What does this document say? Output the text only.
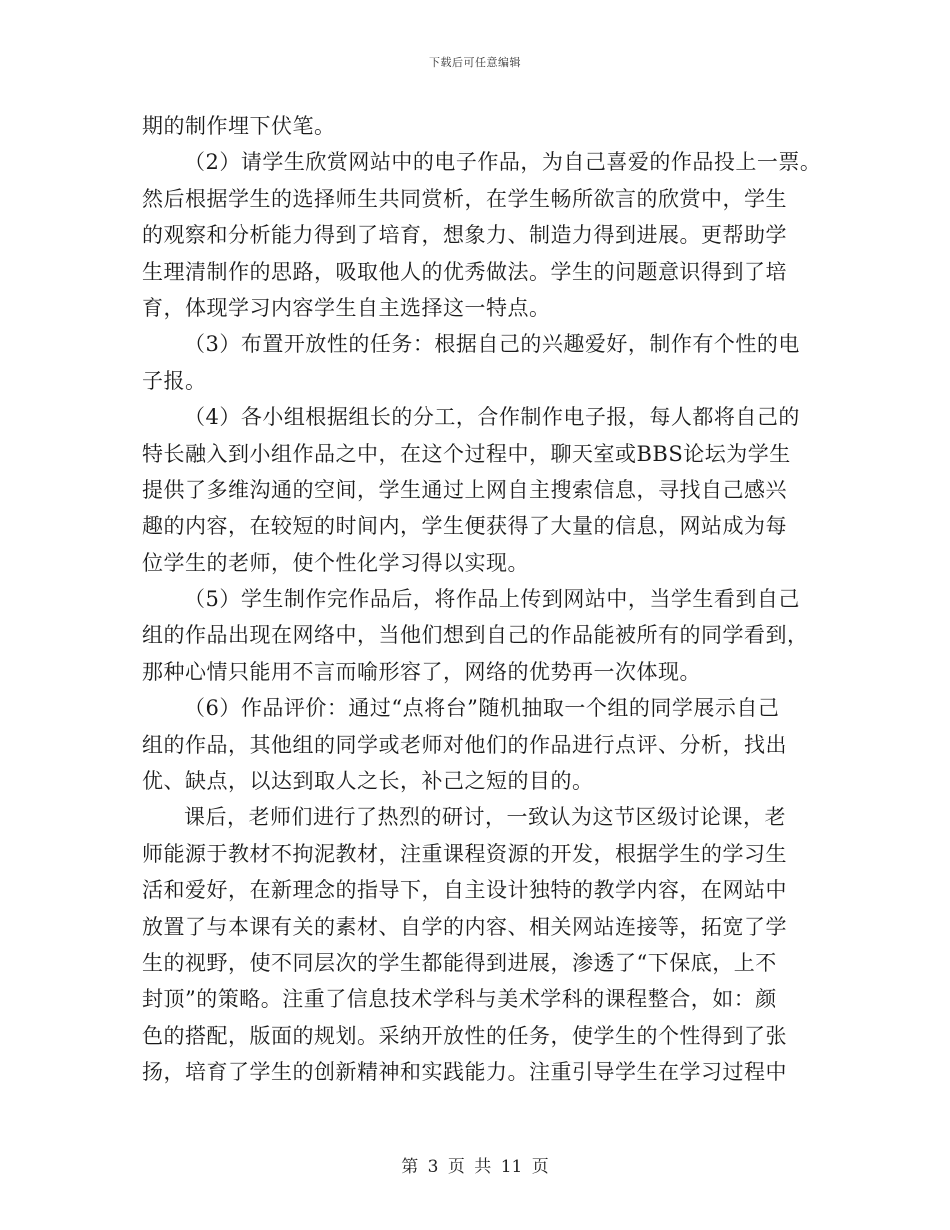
下载后可任意编辑
期的制作埋下伏笔。
（2）请学生欣赏网站中的电子作品，为自己喜爱的作品投上一票。
然后根据学生的选择师生共同赏析，在学生畅所欲言的欣赏中，学生
的观察和分析能力得到了培育，想象力、制造力得到进展。更帮助学
生理清制作的思路，吸取他人的优秀做法。学生的问题意识得到了培
育，体现学习内容学生自主选择这一特点。
（3）布置开放性的任务：根据自己的兴趣爱好，制作有个性的电
子报。
（4）各小组根据组长的分工，合作制作电子报，每人都将自己的
特长融入到小组作品之中，在这个过程中，聊天室或BBS论坛为学生
提供了多维沟通的空间，学生通过上网自主搜索信息，寻找自己感兴
趣的内容，在较短的时间内，学生便获得了大量的信息，网站成为每
位学生的老师，使个性化学习得以实现。
（5）学生制作完作品后，将作品上传到网站中，当学生看到自己
组的作品出现在网络中，当他们想到自己的作品能被所有的同学看到，
那种心情只能用不言而喻形容了，网络的优势再一次体现。
（6）作品评价：通过“点将台”随机抽取一个组的同学展示自己
组的作品，其他组的同学或老师对他们的作品进行点评、分析，找出
优、缺点，以达到取人之长，补己之短的目的。
课后，老师们进行了热烈的研讨，一致认为这节区级讨论课，老
师能源于教材不拘泥教材，注重课程资源的开发，根据学生的学习生
活和爱好，在新理念的指导下，自主设计独特的教学内容，在网站中
放置了与本课有关的素材、自学的内容、相关网站连接等，拓宽了学
生的视野，使不同层次的学生都能得到进展，渗透了“下保底，上不
封顶”的策略。注重了信息技术学科与美术学科的课程整合，如：颜
色的搭配，版面的规划。采纳开放性的任务，使学生的个性得到了张
扬，培育了学生的创新精神和实践能力。注重引导学生在学习过程中
第 3 页 共 11 页
